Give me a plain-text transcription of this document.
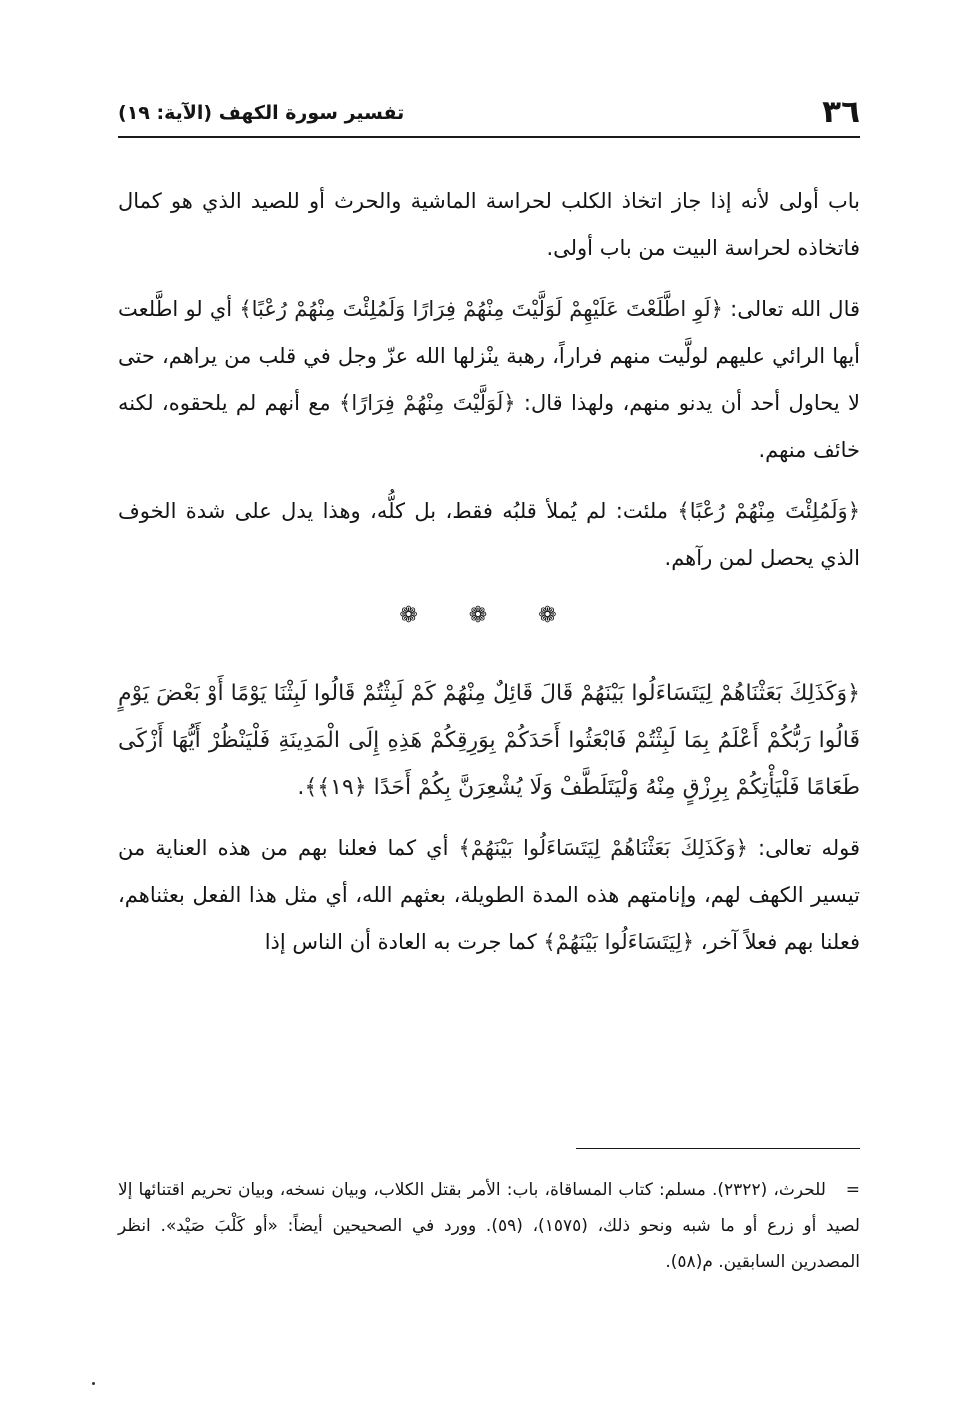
٣٦
تفسير سورة الكهف (الآية: ١٩)

باب أولى لأنه إذا جاز اتخاذ الكلب لحراسة الماشية والحرث أو للصيد الذي هو كمال فاتخاذه لحراسة البيت من باب أولى.

قال الله تعالى: ﴿لَوِ اطَّلَعْتَ عَلَيْهِمْ لَوَلَّيْتَ مِنْهُمْ فِرَارًا وَلَمُلِئْتَ مِنْهُمْ رُعْبًا﴾ أي لو اطَّلعت أيها الرائي عليهم لولَّيت منهم فراراً، رهبة ينْزلها الله عزّ وجل في قلب من يراهم، حتى لا يحاول أحد أن يدنو منهم، ولهذا قال: ﴿لَوَلَّيْتَ مِنْهُمْ فِرَارًا﴾ مع أنهم لم يلحقوه، لكنه خائف منهم.

﴿وَلَمُلِئْتَ مِنْهُمْ رُعْبًا﴾ ملئت: لم يُملأ قلبُه فقط، بل كلُّه، وهذا يدل على شدة الخوف الذي يحصل لمن رآهم.

❁ ❁ ❁

﴿وَكَذَلِكَ بَعَثْنَاهُمْ لِيَتَسَاءَلُوا بَيْنَهُمْ قَالَ قَائِلٌ مِنْهُمْ كَمْ لَبِثْتُمْ قَالُوا لَبِثْنَا يَوْمًا أَوْ بَعْضَ يَوْمٍ قَالُوا رَبُّكُمْ أَعْلَمُ بِمَا لَبِثْتُمْ فَابْعَثُوا أَحَدَكُمْ بِوَرِقِكُمْ هَذِهِ إِلَى الْمَدِينَةِ فَلْيَنْظُرْ أَيُّهَا أَزْكَى طَعَامًا فَلْيَأْتِكُمْ بِرِزْقٍ مِنْهُ وَلْيَتَلَطَّفْ وَلَا يُشْعِرَنَّ بِكُمْ أَحَدًا ﴿١٩﴾﴾.

قوله تعالى: ﴿وَكَذَلِكَ بَعَثْنَاهُمْ لِيَتَسَاءَلُوا بَيْنَهُمْ﴾ أي كما فعلنا بهم من هذه العناية من تيسير الكهف لهم، وإنامتهم هذه المدة الطويلة، بعثهم الله، أي مثل هذا الفعل بعثناهم، فعلنا بهم فعلاً آخر، ﴿لِيَتَسَاءَلُوا بَيْنَهُمْ﴾ كما جرت به العادة أن الناس إذا

=للحرث، (٢٣٢٢). مسلم: كتاب المساقاة، باب: الأمر بقتل الكلاب، وبيان نسخه، وبيان تحريم اقتنائها إلا لصيد أو زرع أو ما شبه ونحو ذلك، (١٥٧٥)، (٥٩). وورد في الصحيحين أيضاً: «أو كَلْبَ صَيْد». انظر المصدرين السابقين. م(٥٨).
